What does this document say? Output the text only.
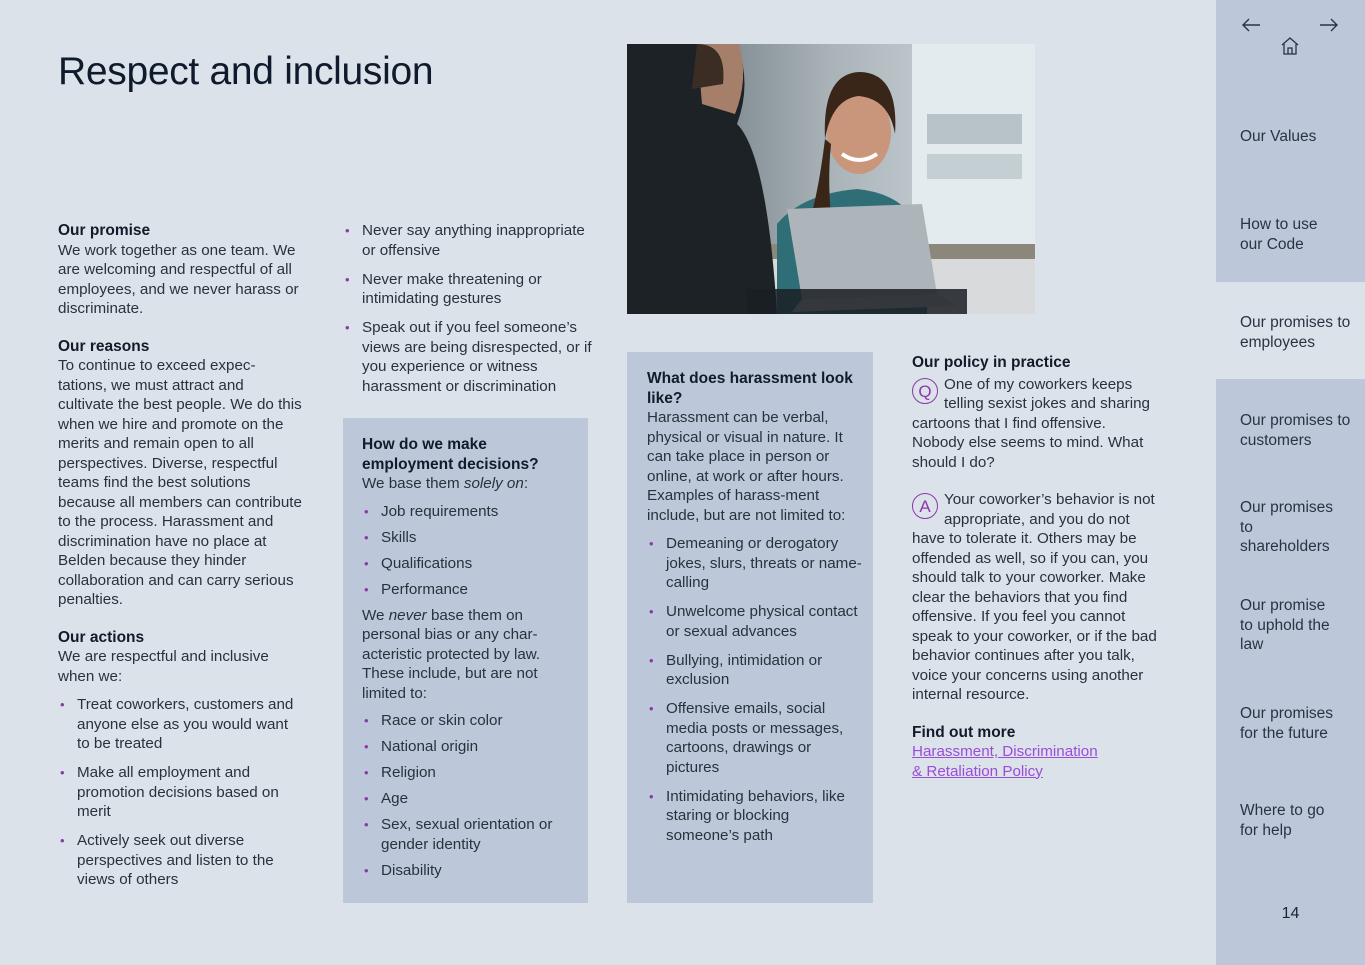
Respect and inclusion
Our promise

We work together as one team. We are welcoming and respectful of all employees, and we never harass or discriminate.

Our reasons

To continue to exceed expec-tations, we must attract and cultivate the best people. We do this when we hire and promote on the merits and remain open to all perspectives. Diverse, respectful teams find the best solutions because all members can contribute to the process. Harassment and discrimination have no place at Belden because they hinder collaboration and can carry serious penalties.

Our actions

We are respectful and inclusive when we:

• Treat coworkers, customers and anyone else as you would want to be treated
• Make all employment and promotion decisions based on merit
• Actively seek out diverse perspectives and listen to the views of others
• Never say anything inappropriate or offensive
• Never make threatening or intimidating gestures
• Speak out if you feel someone’s views are being disrespected, or if you experience or witness harassment or discrimination
How do we make employment decisions?

We base them solely on:

• Job requirements
• Skills
• Qualifications
• Performance

We never base them on personal bias or any char-acteristic protected by law. These include, but are not limited to:

• Race or skin color
• National origin
• Religion
• Age
• Sex, sexual orientation or gender identity
• Disability
What does harassment look like?

Harassment can be verbal, physical or visual in nature. It can take place in person or online, at work or after hours. Examples of harass-ment include, but are not limited to:

• Demeaning or derogatory jokes, slurs, threats or name-calling
• Unwelcome physical contact or sexual advances
• Bullying, intimidation or exclusion
• Offensive emails, social media posts or messages, cartoons, drawings or pictures
• Intimidating behaviors, like staring or blocking someone’s path
Our policy in practice

Q One of my coworkers keeps telling sexist jokes and sharing cartoons that I find offensive. Nobody else seems to mind. What should I do?

A Your coworker’s behavior is not appropriate, and you do not have to tolerate it. Others may be offended as well, so if you can, you should talk to your coworker. Make clear the behaviors that you find offensive. If you feel you cannot speak to your coworker, or if the bad behavior continues after you talk, voice your concerns using another internal resource.

Find out more
Harassment, Discrimination & Retaliation Policy
Our Values
How to use our Code
Our promises to employees
Our promises to customers
Our promises to shareholders
Our promise to uphold the law
Our promises for the future
Where to go for help
14
